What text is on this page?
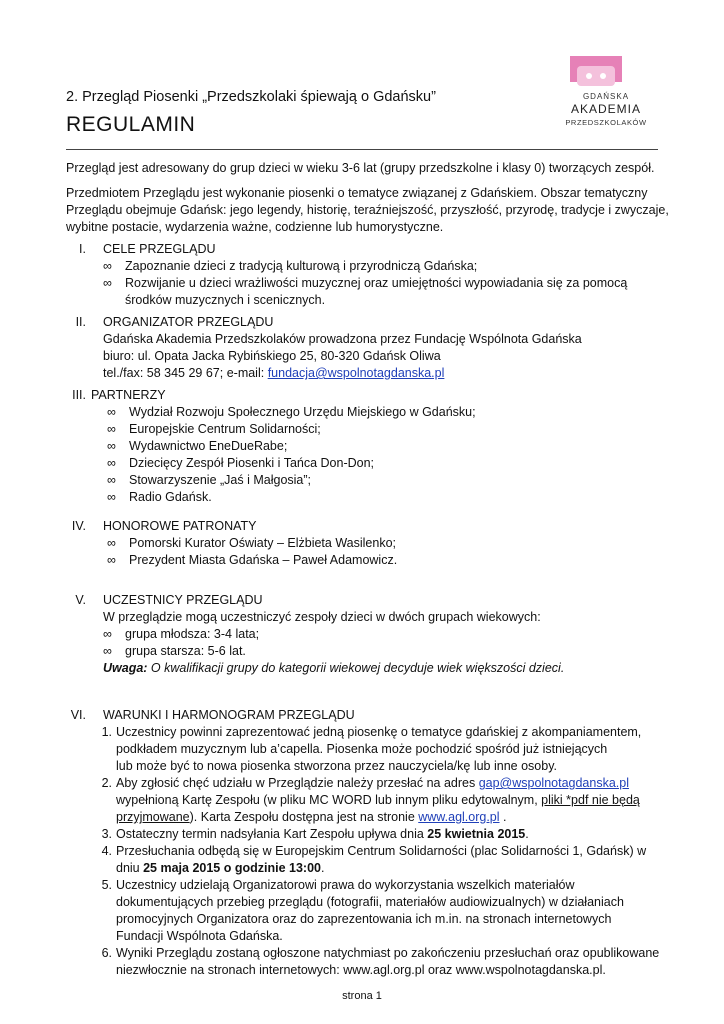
2. Przegląd Piosenki „Przedszkolaki śpiewają o Gdańsku”
REGULAMIN
GDAŃSKA
AKADEMIA
PRZEDSZKOLAKÓW
Przegląd jest adresowany do grup dzieci w wieku 3-6 lat (grupy przedszkolne i klasy 0) tworzących zespół.
Przedmiotem Przeglądu jest wykonanie piosenki o tematyce związanej z Gdańskiem. Obszar tematyczny
Przeglądu obejmuje Gdańsk: jego legendy, historię, teraźniejszość, przyszłość, przyrodę, tradycje i zwyczaje,
wybitne postacie, wydarzenia ważne, codzienne lub humorystyczne.
I. CELE PRZEGLĄDU
∞ Zapoznanie dzieci z tradycją kulturową i przyrodniczą Gdańska;
∞ Rozwijanie u dzieci wrażliwości muzycznej oraz umiejętności wypowiadania się za pomocą
środków muzycznych i scenicznych.
II. ORGANIZATOR PRZEGLĄDU
Gdańska Akademia Przedszkolaków prowadzona przez Fundację Wspólnota Gdańska
biuro: ul. Opata Jacka Rybińskiego 25, 80-320 Gdańsk Oliwa
tel./fax: 58 345 29 67; e-mail: fundacja@wspolnotagdanska.pl
III. PARTNERZY
∞ Wydział Rozwoju Społecznego Urzędu Miejskiego w Gdańsku;
∞ Europejskie Centrum Solidarności;
∞ Wydawnictwo EneDueRabe;
∞ Dziecięcy Zespół Piosenki i Tańca Don-Don;
∞ Stowarzyszenie „Jaś i Małgosia”;
∞ Radio Gdańsk.
IV. HONOROWE PATRONATY
∞ Pomorski Kurator Oświaty – Elżbieta Wasilenko;
∞ Prezydent Miasta Gdańska – Paweł Adamowicz.
V. UCZESTNICY PRZEGLĄDU
W przeglądzie mogą uczestniczyć zespoły dzieci w dwóch grupach wiekowych:
∞ grupa młodsza: 3-4 lata;
∞ grupa starsza: 5-6 lat.
Uwaga: O kwalifikacji grupy do kategorii wiekowej decyduje wiek większości dzieci.
VI. WARUNKI I HARMONOGRAM PRZEGLĄDU
1. Uczestnicy powinni zaprezentować jedną piosenkę o tematyce gdańskiej z akompaniamentem,
podkładem muzycznym lub a’capella. Piosenka może pochodzić spośród już istniejących
lub może być to nowa piosenka stworzona przez nauczyciela/kę lub inne osoby.
2. Aby zgłosić chęć udziału w Przeglądzie należy przesłać na adres gap@wspolnotagdanska.pl
wypełnioną Kartę Zespołu (w pliku MC WORD lub innym pliku edytowalnym, pliki *pdf nie będą
przyjmowane). Karta Zespołu dostępna jest na stronie www.agl.org.pl .
3. Ostateczny termin nadsyłania Kart Zespołu upływa dnia 25 kwietnia 2015.
4. Przesłuchania odbędą się w Europejskim Centrum Solidarności (plac Solidarności 1, Gdańsk) w
dniu 25 maja 2015 o godzinie 13:00.
5. Uczestnicy udzielają Organizatorowi prawa do wykorzystania wszelkich materiałów
dokumentujących przebieg przeglądu (fotografii, materiałów audiowizualnych) w działaniach
promocyjnych Organizatora oraz do zaprezentowania ich m.in. na stronach internetowych
Fundacji Wspólnota Gdańska.
6. Wyniki Przeglądu zostaną ogłoszone natychmiast po zakończeniu przesłuchań oraz opublikowane
niezwłocznie na stronach internetowych: www.agl.org.pl oraz www.wspolnotagdanska.pl.
strona 1
